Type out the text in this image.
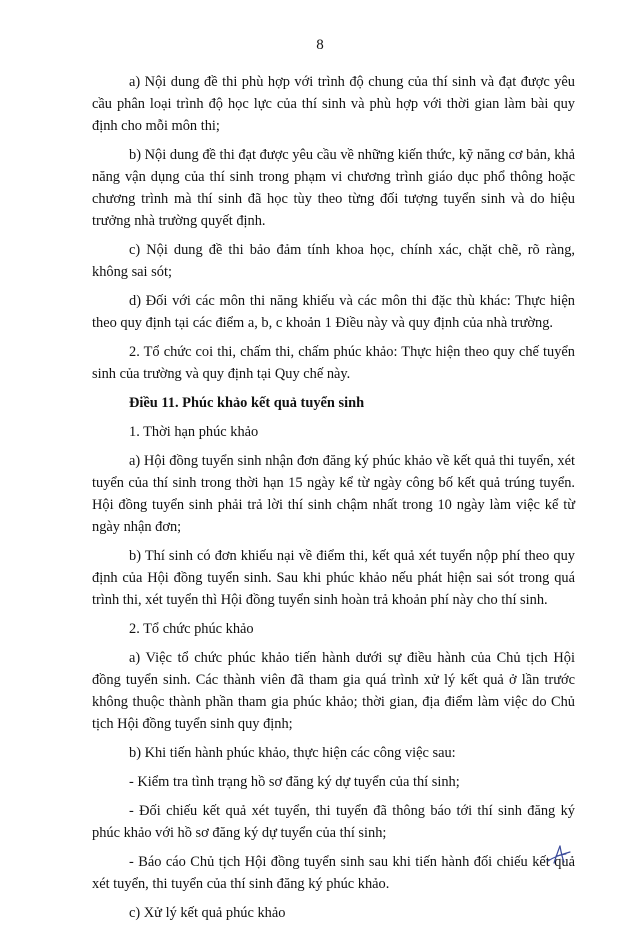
8

a) Nội dung đề thi phù hợp với trình độ chung của thí sinh và đạt được yêu cầu phân loại trình độ học lực của thí sinh và phù hợp với thời gian làm bài quy định cho mỗi môn thi;

b) Nội dung đề thi đạt được yêu cầu về những kiến thức, kỹ năng cơ bản, khả năng vận dụng của thí sinh trong phạm vi chương trình giáo dục phổ thông hoặc chương trình mà thí sinh đã học tùy theo từng đối tượng tuyển sinh và do hiệu trưởng nhà trường quyết định.

c) Nội dung đề thi bảo đảm tính khoa học, chính xác, chặt chẽ, rõ ràng, không sai sót;

d) Đối với các môn thi năng khiếu và các môn thi đặc thù khác: Thực hiện theo quy định tại các điểm a, b, c khoản 1 Điều này và quy định của nhà trường.

2. Tổ chức coi thi, chấm thi, chấm phúc khảo: Thực hiện theo quy chế tuyển sinh của trường và quy định tại Quy chế này.

Điều 11. Phúc khảo kết quả tuyển sinh

1. Thời hạn phúc khảo

a) Hội đồng tuyển sinh nhận đơn đăng ký phúc khảo về kết quả thi tuyển, xét tuyển của thí sinh trong thời hạn 15 ngày kể từ ngày công bố kết quả trúng tuyển. Hội đồng tuyển sinh phải trả lời thí sinh chậm nhất trong 10 ngày làm việc kể từ ngày nhận đơn;

b) Thí sinh có đơn khiếu nại về điểm thi, kết quả xét tuyển nộp phí theo quy định của Hội đồng tuyển sinh. Sau khi phúc khảo nếu phát hiện sai sót trong quá trình thi, xét tuyển thì Hội đồng tuyển sinh hoàn trả khoản phí này cho thí sinh.

2. Tổ chức phúc khảo

a) Việc tổ chức phúc khảo tiến hành dưới sự điều hành của Chủ tịch Hội đồng tuyển sinh. Các thành viên đã tham gia quá trình xử lý kết quả ở lần trước không thuộc thành phần tham gia phúc khảo; thời gian, địa điểm làm việc do Chủ tịch Hội đồng tuyển sinh quy định;

b) Khi tiến hành phúc khảo, thực hiện các công việc sau:

- Kiểm tra tình trạng hồ sơ đăng ký dự tuyển của thí sinh;

- Đối chiếu kết quả xét tuyển, thi tuyển đã thông báo tới thí sinh đăng ký phúc khảo với hồ sơ đăng ký dự tuyển của thí sinh;

- Báo cáo Chủ tịch Hội đồng tuyển sinh sau khi tiến hành đối chiếu kết quả xét tuyển, thi tuyển của thí sinh đăng ký phúc khảo.

c) Xử lý kết quả phúc khảo
